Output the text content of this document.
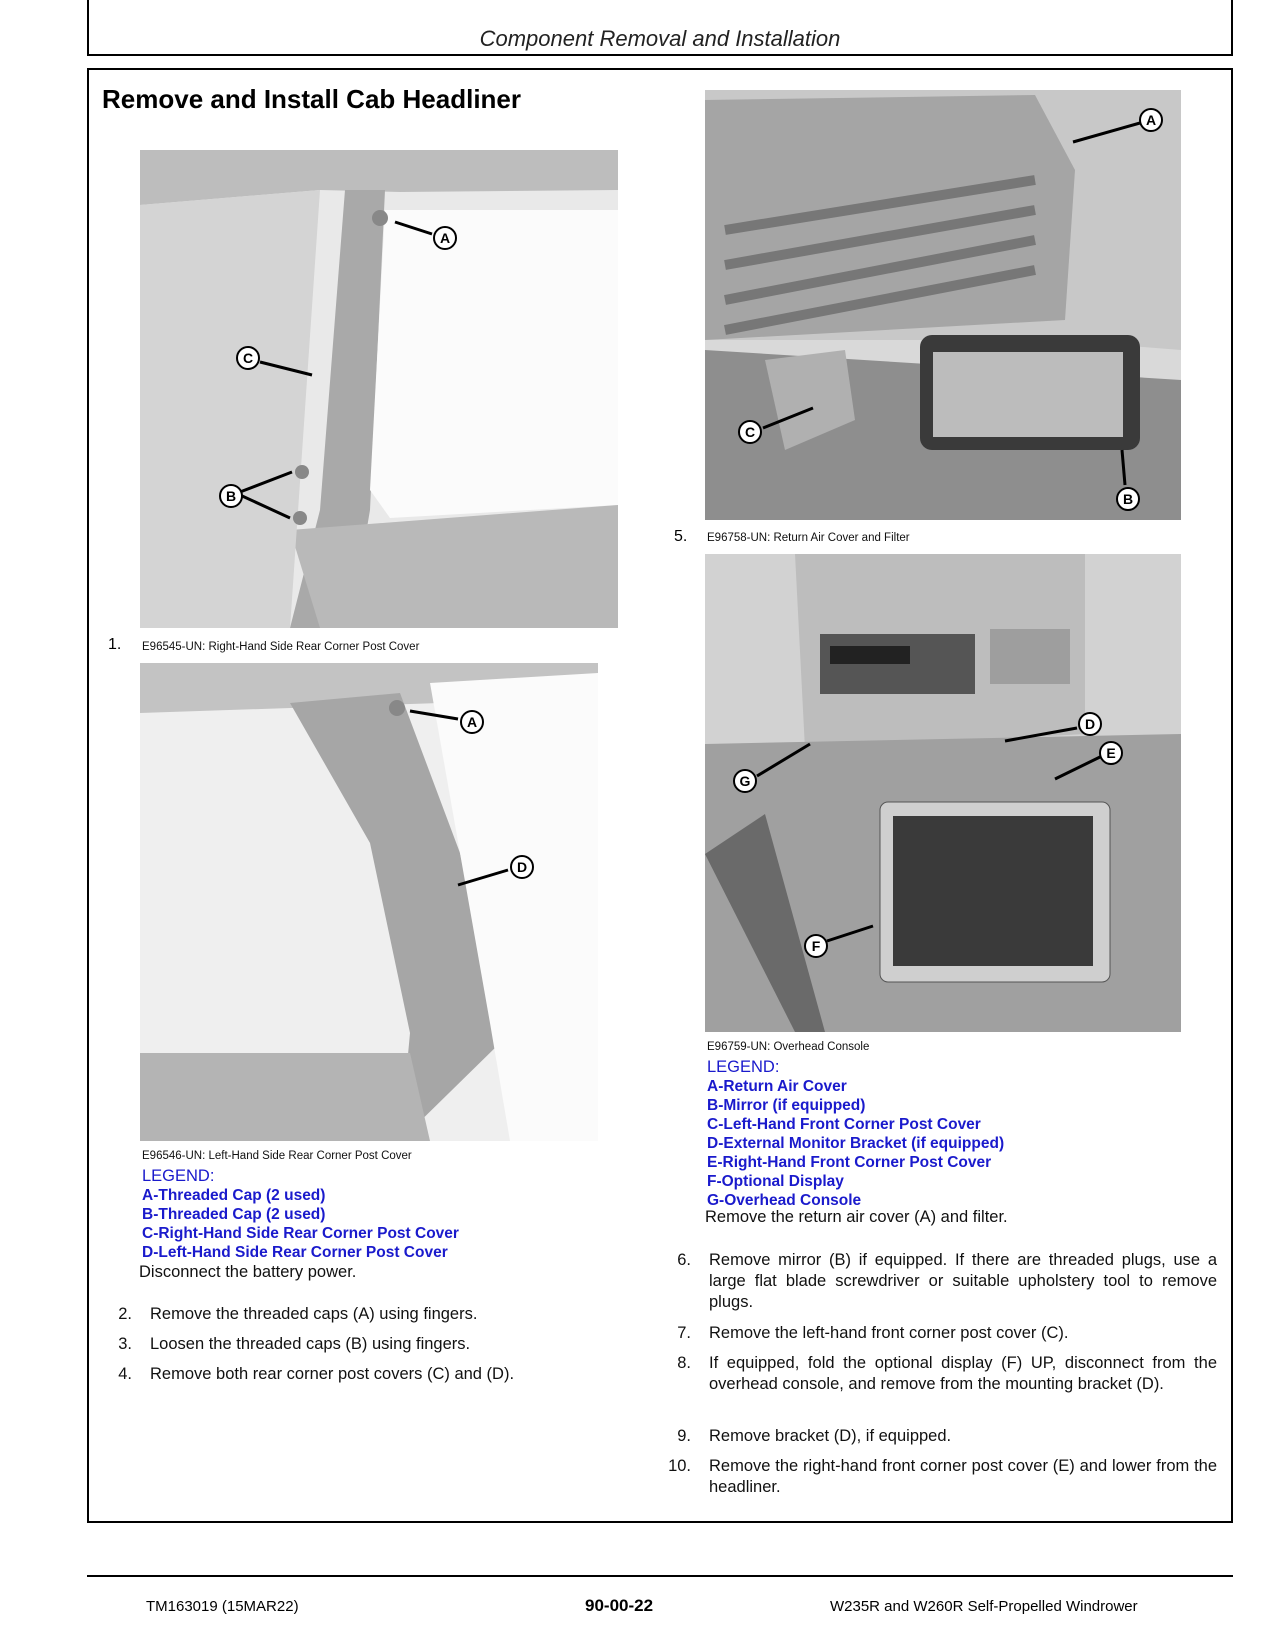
Component Removal and Installation
Remove and Install Cab Headliner
A
C
B
1. E96545-UN: Right-Hand Side Rear Corner Post Cover
A
D
E96546-UN: Left-Hand Side Rear Corner Post Cover
LEGEND:
A-Threaded Cap (2 used)
B-Threaded Cap (2 used)
C-Right-Hand Side Rear Corner Post Cover
D-Left-Hand Side Rear Corner Post Cover
Disconnect the battery power.
2. Remove the threaded caps (A) using fingers.
3. Loosen the threaded caps (B) using fingers.
4. Remove both rear corner post covers (C) and (D).
A
C
B
5. E96758-UN: Return Air Cover and Filter
D
E
G
F
E96759-UN: Overhead Console
LEGEND:
A-Return Air Cover
B-Mirror (if equipped)
C-Left-Hand Front Corner Post Cover
D-External Monitor Bracket (if equipped)
E-Right-Hand Front Corner Post Cover
F-Optional Display
G-Overhead Console
Remove the return air cover (A) and filter.
6. Remove mirror (B) if equipped. If there are threaded plugs, use a large flat blade screwdriver or suitable upholstery tool to remove plugs.
7. Remove the left-hand front corner post cover (C).
8. If equipped, fold the optional display (F) UP, disconnect from the overhead console, and remove from the mounting bracket (D).
9. Remove bracket (D), if equipped.
10. Remove the right-hand front corner post cover (E) and lower from the headliner.
TM163019 (15MAR22)	90-00-22	W235R and W260R Self-Propelled Windrower
